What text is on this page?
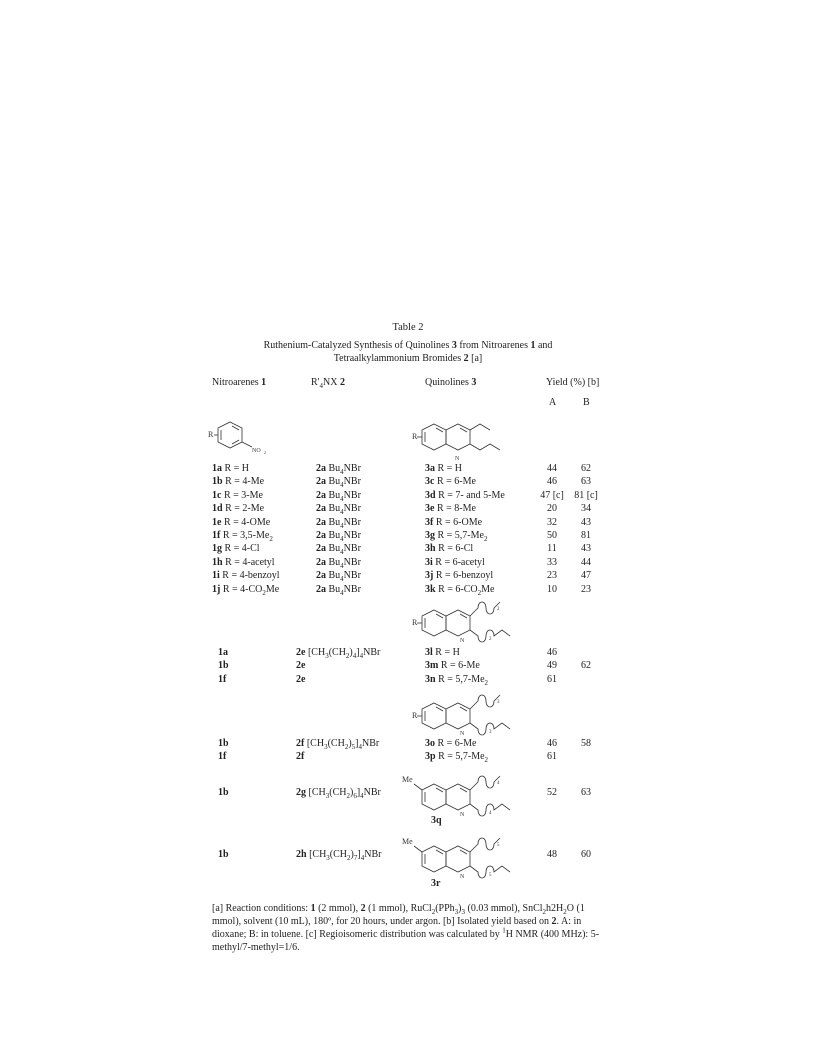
Table 2
Ruthenium-Catalyzed Synthesis of Quinolines 3 from Nitroarenes 1 and
Tetraalkylammonium Bromides 2 [a]
Nitroarenes 1	$R'_4NX$ 2	Quinolines 3	Yield (%) [b]
A	B
R
NO 2
R
N
1a R = H	2a $Bu_4NBr$	3a R = H	44	62
1b R = 4-Me	2a $Bu_4NBr$	3c R = 6-Me	46	63
1c R = 3-Me	2a $Bu_4NBr$	3d R = 7- and 5-Me	47 [c]	81 [c]
1d R = 2-Me	2a $Bu_4NBr$	3e R = 8-Me	20	34
1e R = 4-OMe	2a $Bu_4NBr$	3f R = 6-OMe	32	43
1f $R = 3,5-Me_2$	2a $Bu_4NBr$	3g $R = 5,7-Me_2$	50	81
1g R = 4-Cl	2a $Bu_4NBr$	3h R = 6-Cl	11	43
1h R = 4-acetyl	2a $Bu_4NBr$	3i R = 6-acetyl	33	44
1i R = 4-benzoyl	2a $Bu_4NBr$	3j R = 6-benzoyl	23	47
1j $R = 4-CO_2Me$	2a $Bu_4NBr$	3k $R = 6-CO_2Me$	10	23
R
N
2
2
1a	2e $[CH_3(CH_2)_4]_4NBr$	3l R = H	46
1b	2e	3m R = 6-Me	49	62
1f	2e	3n $R = 5,7-Me_2$	61
R
N
3
3
1b	2f $[CH_3(CH_2)_5]_4NBr$	3o R = 6-Me	46	58
1f	2f	3p $R = 5,7-Me_2$	61
Me
N
4
4
3q
1b	2g $[CH_3(CH_2)_6]_4NBr$	52	63
Me
N
5
5
3r
1b	2h $[CH_3(CH_2)_7]_4NBr$	48	60
[a] Reaction conditions: 1 (2 mmol), 2 (1 mmol), $RuCl_2(PPh_3)_3$ (0.03 mmol), $SnCl_2h2H_2O$ (1 mmol), solvent (10 mL), 180º, for 20 hours, under argon. [b] Isolated yield based on 2. A: in dioxane; B: in toluene. [c] Regioisomeric distribution was calculated by $^1$H NMR (400 MHz): 5-methyl/7-methyl=1/6.
